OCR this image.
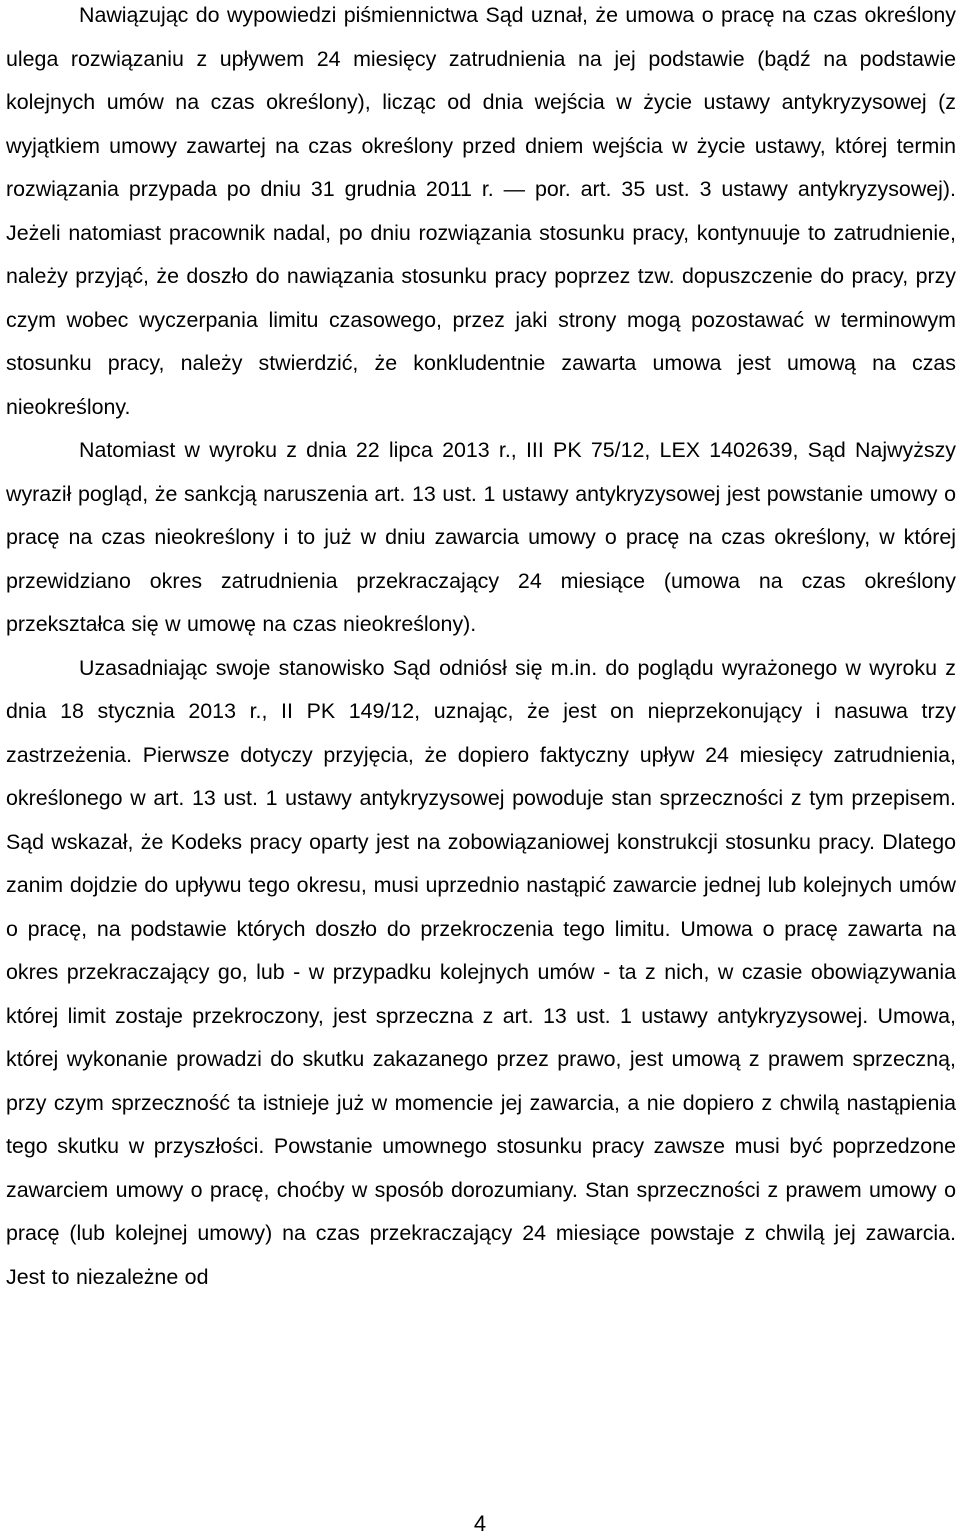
Nawiązując do wypowiedzi piśmiennictwa Sąd uznał, że umowa o pracę na czas określony ulega rozwiązaniu z upływem 24 miesięcy zatrudnienia na jej podstawie (bądź na podstawie kolejnych umów na czas określony), licząc od dnia wejścia w życie ustawy antykryzysowej (z wyjątkiem umowy zawartej na czas określony przed dniem wejścia w życie ustawy, której termin rozwiązania przypada po dniu 31 grudnia 2011 r. — por. art. 35 ust. 3 ustawy antykryzysowej). Jeżeli natomiast pracownik nadal, po dniu rozwiązania stosunku pracy, kontynuuje to zatrudnienie, należy przyjąć, że doszło do nawiązania stosunku pracy poprzez tzw. dopuszczenie do pracy, przy czym wobec wyczerpania limitu czasowego, przez jaki strony mogą pozostawać w terminowym stosunku pracy, należy stwierdzić, że konkludentnie zawarta umowa jest umową na czas nieokreślony.

Natomiast w wyroku z dnia 22 lipca 2013 r., III PK 75/12, LEX 1402639, Sąd Najwyższy wyraził pogląd, że sankcją naruszenia art. 13 ust. 1 ustawy antykryzysowej jest powstanie umowy o pracę na czas nieokreślony i to już w dniu zawarcia umowy o pracę na czas określony, w której przewidziano okres zatrudnienia przekraczający 24 miesiące (umowa na czas określony przekształca się w umowę na czas nieokreślony).

Uzasadniając swoje stanowisko Sąd odniósł się m.in. do poglądu wyrażonego w wyroku z dnia 18 stycznia 2013 r., II PK 149/12, uznając, że jest on nieprzekonujący i nasuwa trzy zastrzeżenia. Pierwsze dotyczy przyjęcia, że dopiero faktyczny upływ 24 miesięcy zatrudnienia, określonego w art. 13 ust. 1 ustawy antykryzysowej powoduje stan sprzeczności z tym przepisem. Sąd wskazał, że Kodeks pracy oparty jest na zobowiązaniowej konstrukcji stosunku pracy. Dlatego zanim dojdzie do upływu tego okresu, musi uprzednio nastąpić zawarcie jednej lub kolejnych umów o pracę, na podstawie których doszło do przekroczenia tego limitu. Umowa o pracę zawarta na okres przekraczający go, lub - w przypadku kolejnych umów - ta z nich, w czasie obowiązywania której limit zostaje przekroczony, jest sprzeczna z art. 13 ust. 1 ustawy antykryzysowej. Umowa, której wykonanie prowadzi do skutku zakazanego przez prawo, jest umową z prawem sprzeczną, przy czym sprzeczność ta istnieje już w momencie jej zawarcia, a nie dopiero z chwilą nastąpienia tego skutku w przyszłości. Powstanie umownego stosunku pracy zawsze musi być poprzedzone zawarciem umowy o pracę, choćby w sposób dorozumiany. Stan sprzeczności z prawem umowy o pracę (lub kolejnej umowy) na czas przekraczający 24 miesiące powstaje z chwilą jej zawarcia. Jest to niezależne od

4
